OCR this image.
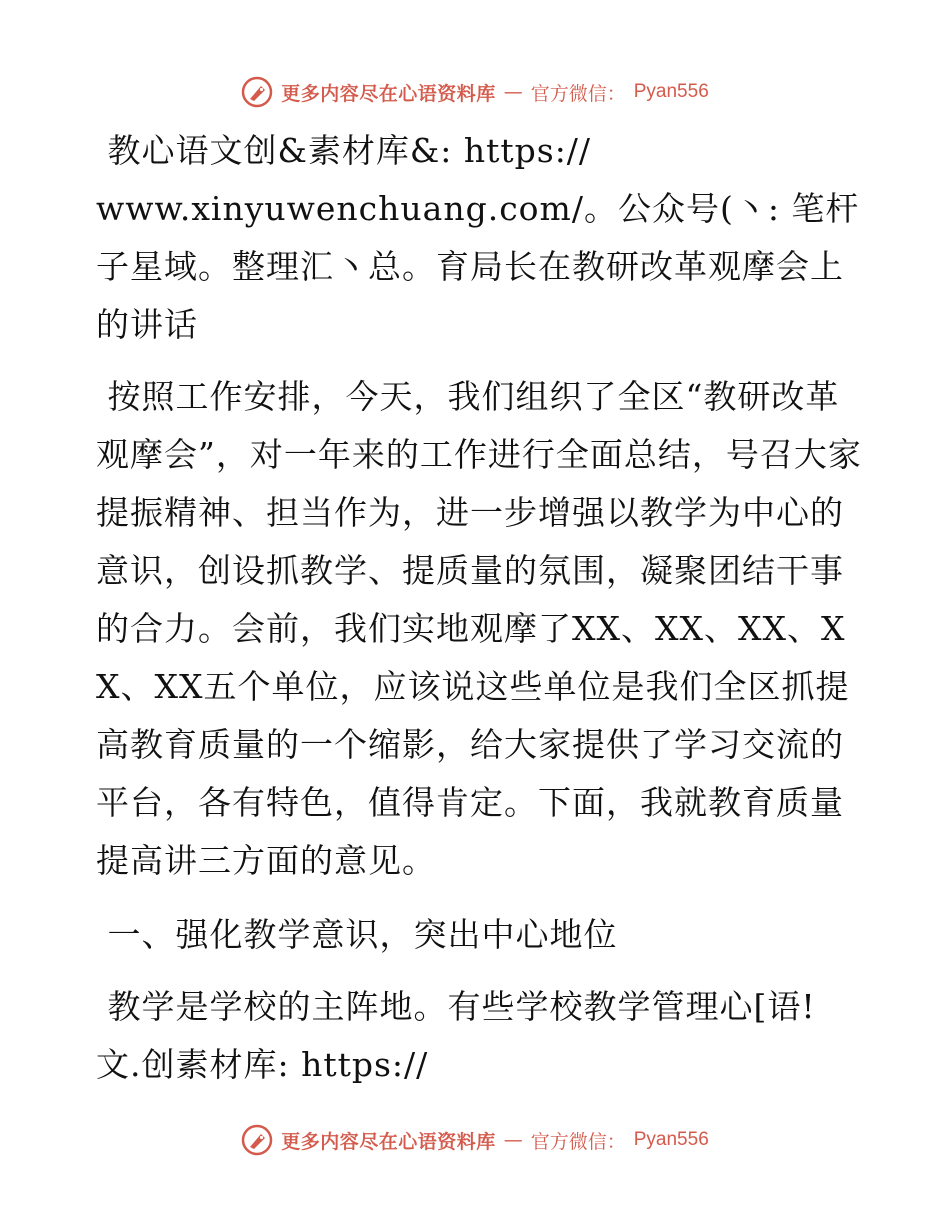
更多内容尽在心语资料库 — 官方微信： Pyan556

教心语文创&素材库&: https://
www.xinyuwenchuang.com/。公众号(丶: 笔杆子星域。整理汇丶总。育局长在教研改革观摩会上的讲话

按照工作安排，今天，我们组织了全区“教研改革观摩会”，对一年来的工作进行全面总结，号召大家提振精神、担当作为，进一步增强以教学为中心的意识，创设抓教学、提质量的氛围，凝聚团结干事的合力。会前，我们实地观摩了XX、XX、XX、XX、XX五个单位，应该说这些单位是我们全区抓提高教育质量的一个缩影，给大家提供了学习交流的平台，各有特色，值得肯定。下面，我就教育质量提高讲三方面的意见。

一、强化教学意识，突出中心地位

教学是学校的主阵地。有些学校教学管理心[语!
文.创素材库: https://

更多内容尽在心语资料库 — 官方微信： Pyan556
